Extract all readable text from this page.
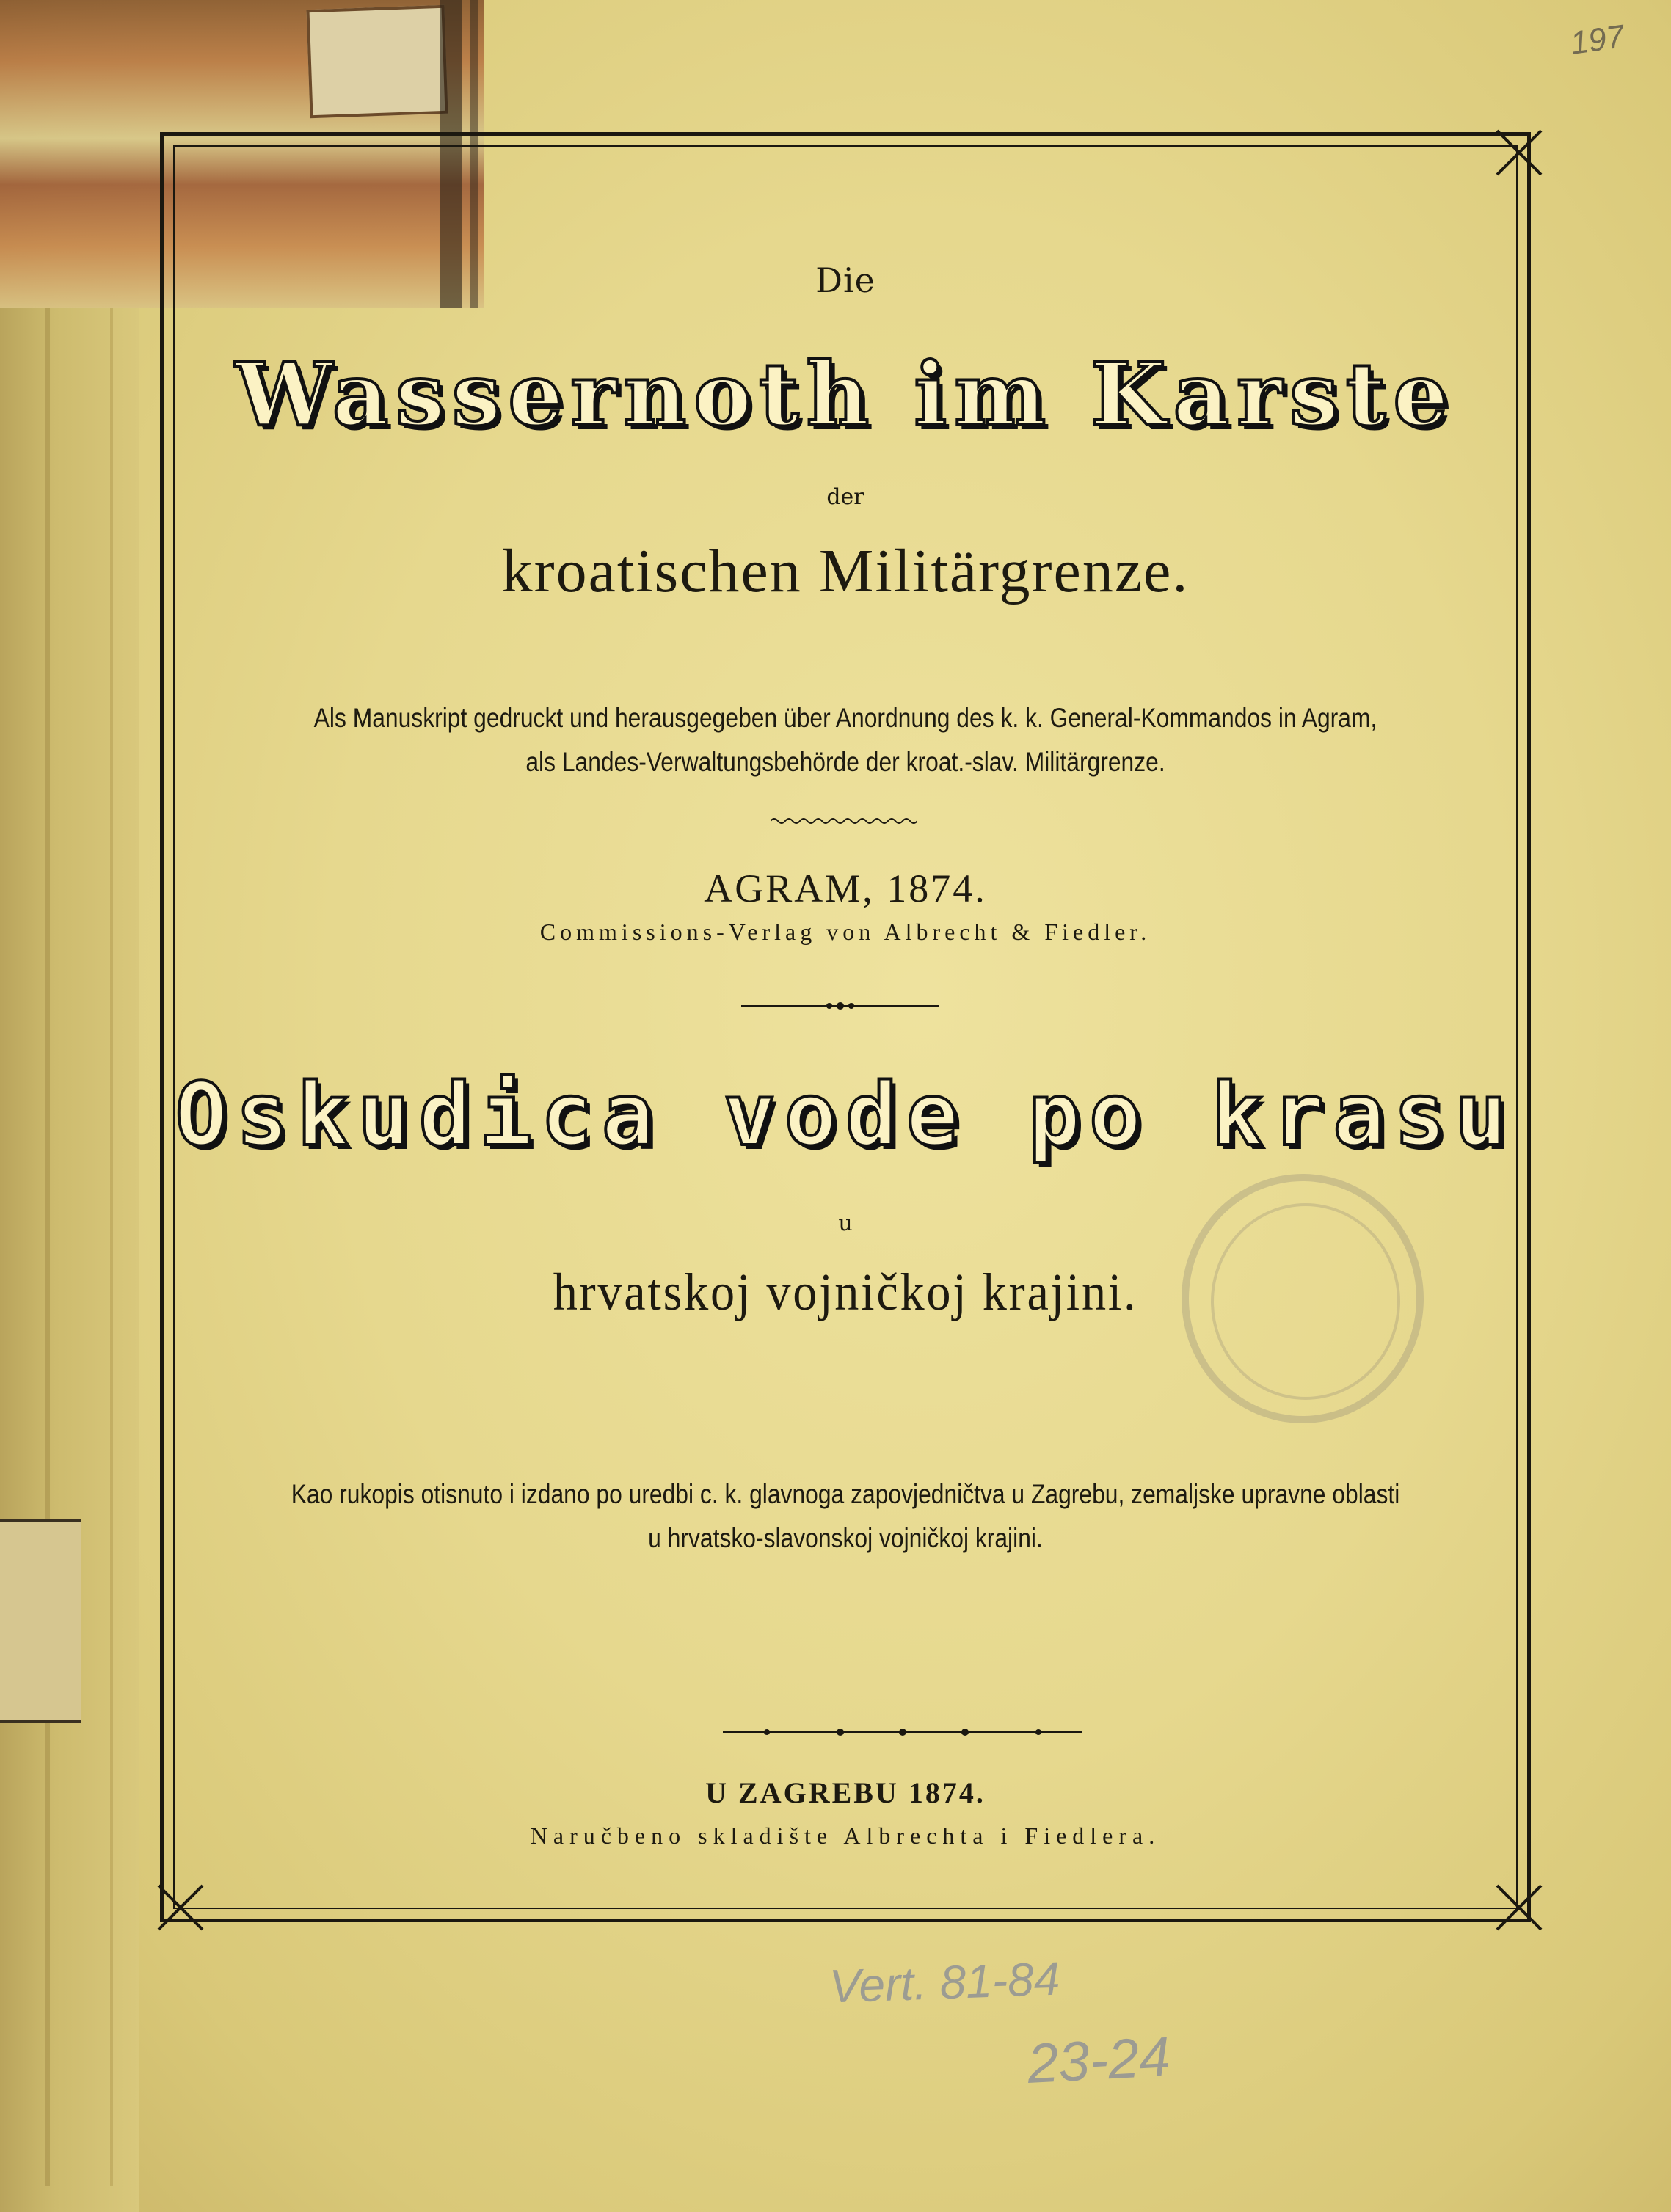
197
Die
Wassernoth im Karste
der
kroatischen Militärgrenze.
Als Manuskript gedruckt und herausgegeben über Anordnung des k. k. General-Kommandos in Agram,
als Landes-Verwaltungsbehörde der kroat.-slav. Militärgrenze.
AGRAM, 1874.
Commissions-Verlag von Albrecht & Fiedler.
Oskudica vode po krasu
u
hrvatskoj vojničkoj krajini.
Kao rukopis otisnuto i izdano po uredbi c. k. glavnoga zapovjedničtva u Zagrebu, zemaljske upravne oblasti
u hrvatsko-slavonskoj vojničkoj krajini.
U ZAGREBU 1874.
Naručbeno skladište Albrechta i Fiedlera.
Vert. 81-84
23-24
